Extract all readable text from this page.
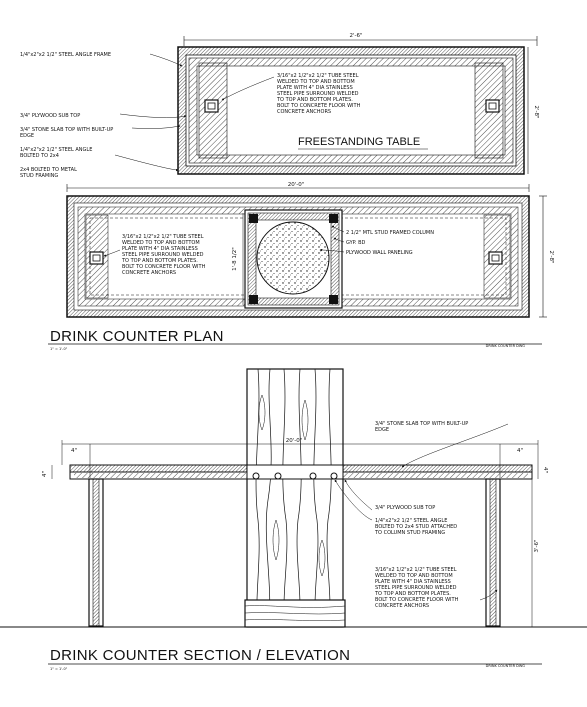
2'-6"
2'-8"
FREESTANDING TABLE
1/4"x2"x2 1/2" STEEL ANGLE FRAME
3/16"x2 1/2"x2 1/2" TUBE STEEL
WELDED TO TOP AND BOTTOM
PLATE WITH 4" DIA STAINLESS
STEEL PIPE SURROUND WELDED
TO TOP AND BOTTOM PLATES.
BOLT TO CONCRETE FLOOR WITH
CONCRETE ANCHORS
3/4" PLYWOOD SUB TOP
3/4" STONE SLAB TOP WITH BUILT-UP
EDGE
1/4"x2"x2 1/2" STEEL ANGLE
BOLTED TO 2x4
2x4 BOLTED TO METAL
STUD FRAMING
20'-0"
1'-8 1/2"	2'-8"
3/16"x2 1/2"x2 1/2" TUBE STEEL
WELDED TO TOP AND BOTTOM
PLATE WITH 4" DIA STAINLESS
STEEL PIPE SURROUND WELDED
TO TOP AND BOTTOM PLATES.
BOLT TO CONCRETE FLOOR WITH
CONCRETE ANCHORS
2 1/2" MTL STUD FRAMED COLUMN
GYP. BD
PLYWOOD WALL PANELING
DRINK COUNTER PLAN
1" = 1'-0"
DRINK COUNTER DWG
20'-0"
4"	4"
4"
4"
3'-6"
3/4" STONE SLAB TOP WITH BUILT-UP
EDGE
3/4" PLYWOOD SUB TOP
1/4"x2"x2 1/2" STEEL ANGLE
BOLTED TO 2x4 STUD ATTACHED
TO COLUMN STUD FRAMING
3/16"x2 1/2"x2 1/2" TUBE STEEL
WELDED TO TOP AND BOTTOM
PLATE WITH 4" DIA STAINLESS
STEEL PIPE SURROUND WELDED
TO TOP AND BOTTOM PLATES.
BOLT TO CONCRETE FLOOR WITH
CONCRETE ANCHORS
DRINK COUNTER SECTION / ELEVATION
1" = 1'-0"
DRINK COUNTER DWG
